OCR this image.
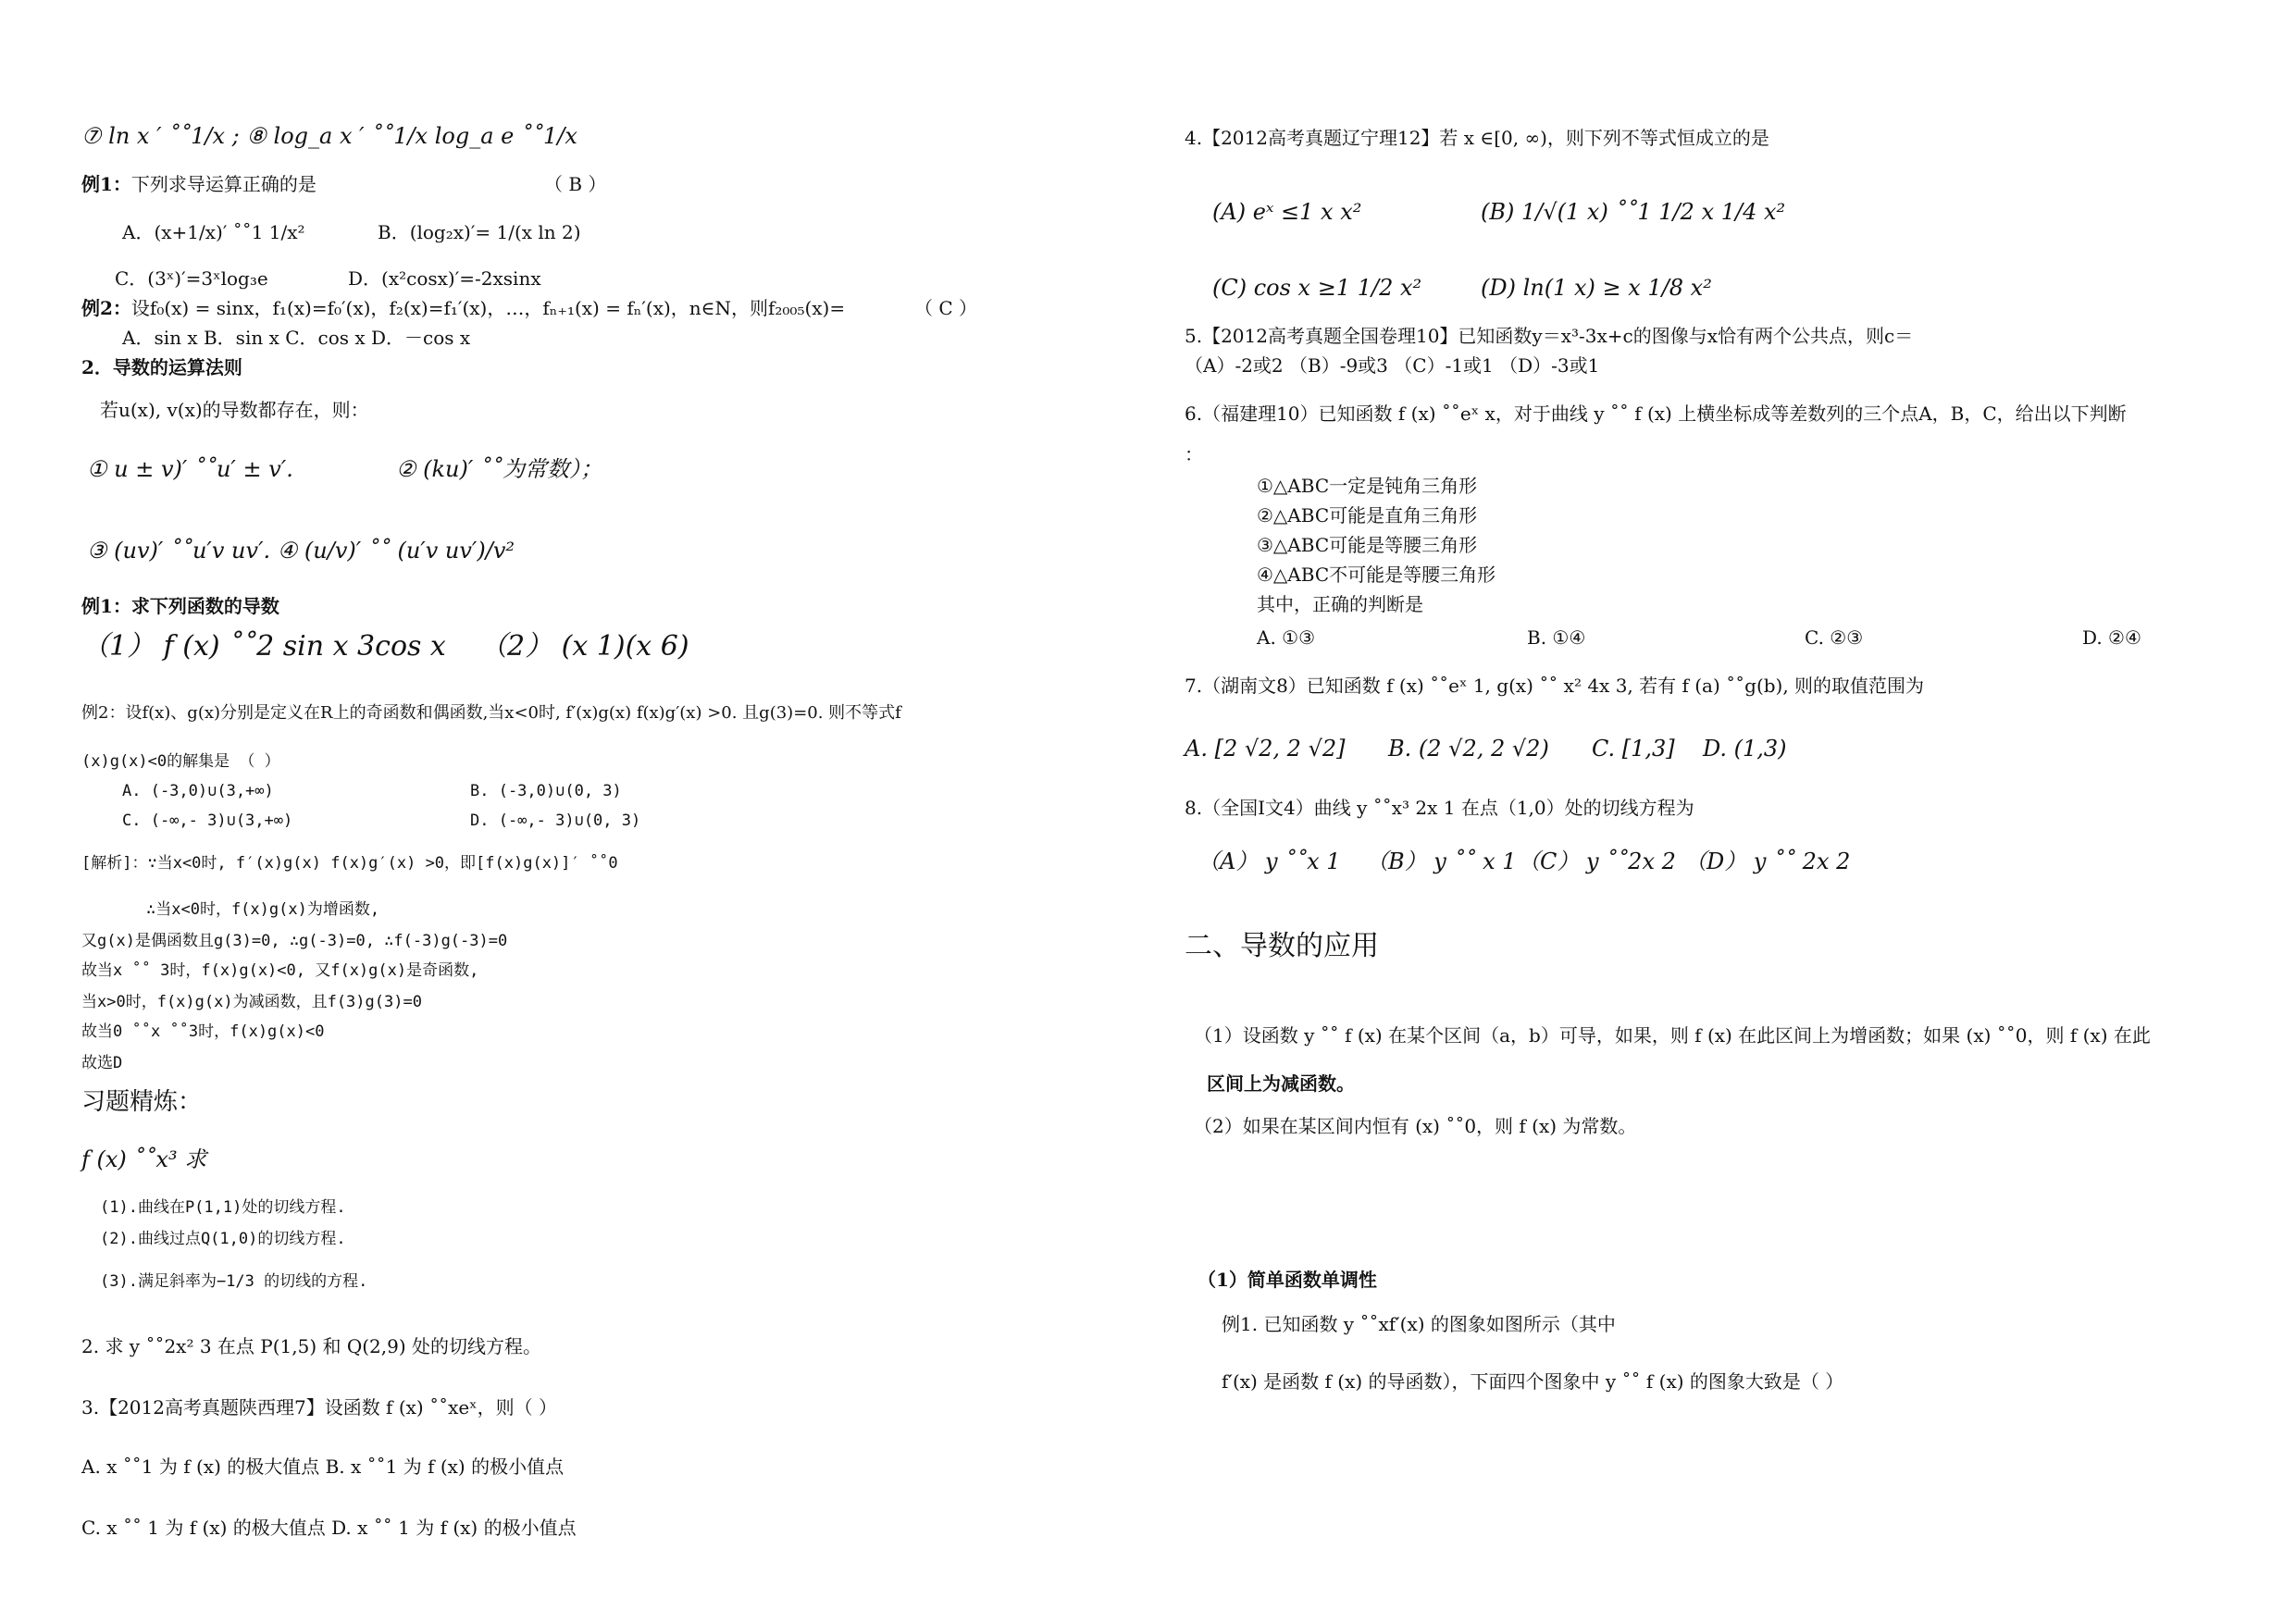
⑦ ln x ′ ˚˚1/x ; ⑧ log_a x ′ ˚˚1/x log_a e ˚˚1/x
例1：下列求导运算正确的是	（ B ）
A．(x+1/x)′ ˚˚1 1/x²	B．(log₂x)′= 1/(x ln 2)
C．(3ˣ)′=3ˣlog₃e	D．(x²cosx)′=-2xsinx
例2：设f₀(x) = sinx，f₁(x)=f₀′(x)，f₂(x)=f₁′(x)，…，fₙ₊₁(x) = fₙ′(x)，n∈N，则f₂₀₀₅(x)=	（ C ）
A．sin x B．sin x C．cos x D．－cos x
2．导数的运算法则
若u(x), v(x)的导数都存在，则：
① u ± v)′ ˚˚u′ ± v′.	② (ku)′ ˚˚为常数）；
③ (uv)′ ˚˚u′v uv′. ④ (u/v)′ ˚˚ (u′v uv′)/v²
例1：求下列函数的导数
（1） f (x) ˚˚2 sin x 3cos x （2） (x 1)(x 6)
例2：设f(x)、g(x)分别是定义在R上的奇函数和偶函数,当x<0时, f′(x)g(x) f(x)g′(x) >0. 且g(3)=0. 则不等式f
(x)g(x)<0的解集是 （ ）
A. (-3,0)∪(3,+∞)	B. (-3,0)∪(0, 3)
C. (-∞,- 3)∪(3,+∞)	D. (-∞,- 3)∪(0, 3)
[解析]：∵当x<0时, f′(x)g(x) f(x)g′(x) >0，即[f(x)g(x)]′ ˚˚0
∴当x<0时，f(x)g(x)为增函数,
又g(x)是偶函数且g(3)=0, ∴g(-3)=0, ∴f(-3)g(-3)=0
故当x ˚˚ 3时，f(x)g(x)<0, 又f(x)g(x)是奇函数,
当x>0时，f(x)g(x)为减函数，且f(3)g(3)=0
故当0 ˚˚x ˚˚3时，f(x)g(x)<0
故选D
习题精炼：
f (x) ˚˚x³ 求
(1).曲线在P(1,1)处的切线方程.
(2).曲线过点Q(1,0)的切线方程.
(3).满足斜率为−1/3 的切线的方程.
2. 求 y ˚˚2x² 3 在点 P(1,5) 和 Q(2,9) 处的切线方程。
3.【2012高考真题陕西理7】设函数 f (x) ˚˚xeˣ，则（ ）
A. x ˚˚1 为 f (x) 的极大值点 B. x ˚˚1 为 f (x) 的极小值点
C. x ˚˚ 1 为 f (x) 的极大值点 D. x ˚˚ 1 为 f (x) 的极小值点
4.【2012高考真题辽宁理12】若 x ∈[0, ∞)，则下列不等式恒成立的是
(A) eˣ ≤1 x x²	(B) 1/√(1 x) ˚˚1 1/2 x 1/4 x²
(C) cos x ≥1 1/2 x²	(D) ln(1 x) ≥ x 1/8 x²
5.【2012高考真题全国卷理10】已知函数y＝x³-3x+c的图像与x恰有两个公共点，则c＝
（A）-2或2 （B）-9或3 （C）-1或1 （D）-3或1
6.（福建理10）已知函数 f (x) ˚˚eˣ x，对于曲线 y ˚˚ f (x) 上横坐标成等差数列的三个点A，B，C，给出以下判断
：
①△ABC一定是钝角三角形
②△ABC可能是直角三角形
③△ABC可能是等腰三角形
④△ABC不可能是等腰三角形
其中，正确的判断是
A. ①③	B. ①④	C. ②③	D. ②④
7.（湖南文8）已知函数 f (x) ˚˚eˣ 1, g(x) ˚˚ x² 4x 3, 若有 f (a) ˚˚g(b), 则的取值范围为
A. [2 √2, 2 √2] B. (2 √2, 2 √2) C. [1,3] D. (1,3)
8.（全国Ⅰ文4）曲线 y ˚˚x³ 2x 1 在点（1,0）处的切线方程为
（A） y ˚˚x 1 （B） y ˚˚ x 1 （C） y ˚˚2x 2 （D） y ˚˚ 2x 2
二、导数的应用
（1）设函数 y ˚˚ f (x) 在某个区间（a，b）可导，如果，则 f (x) 在此区间上为增函数；如果 (x) ˚˚0，则 f (x) 在此
区间上为减函数。
（2）如果在某区间内恒有 (x) ˚˚0，则 f (x) 为常数。
（1）简单函数单调性
例1. 已知函数 y ˚˚xf′(x) 的图象如图所示（其中
f′(x) 是函数 f (x) 的导函数），下面四个图象中 y ˚˚ f (x) 的图象大致是（ ）
